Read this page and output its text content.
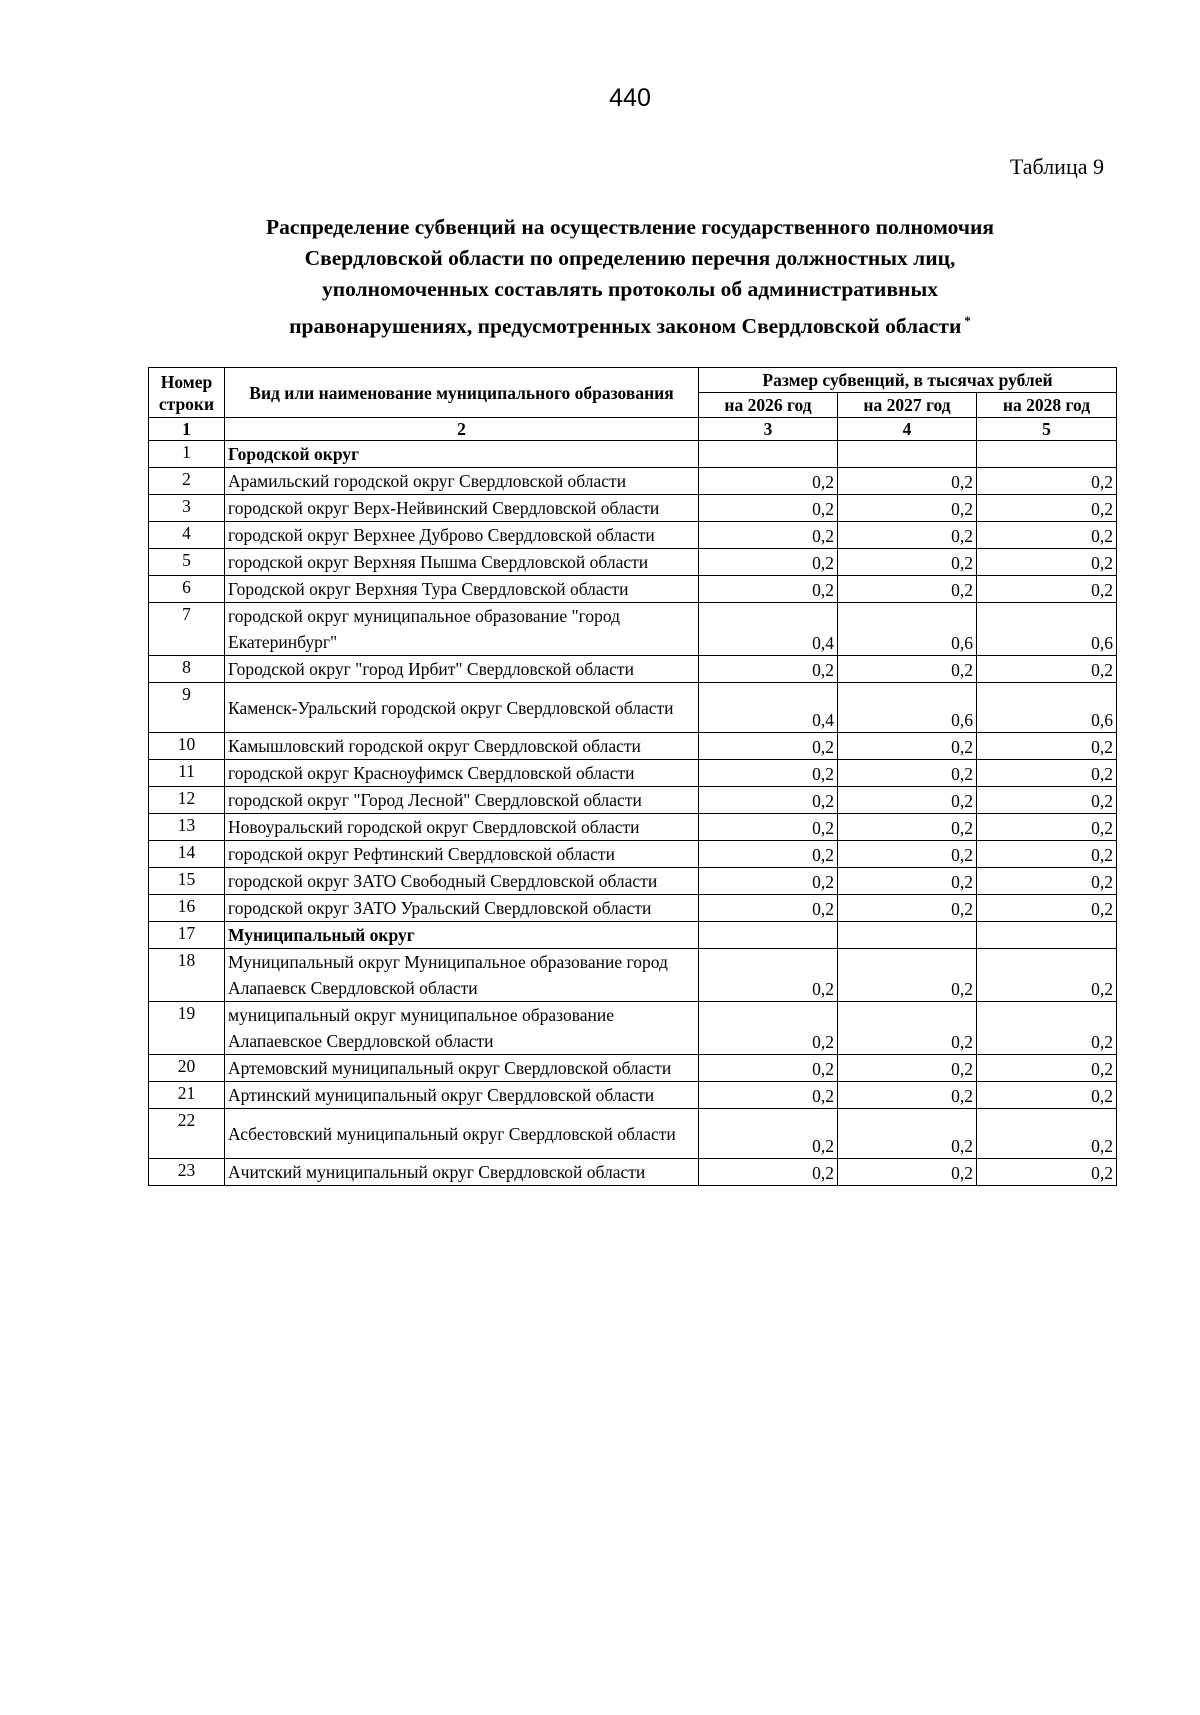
440
Таблица 9
Распределение субвенций на осуществление государственного полномочия
Свердловской области по определению перечня должностных лиц,
уполномоченных составлять протоколы об административных
правонарушениях, предусмотренных законом Свердловской области *
Номер строки	Вид или наименование муниципального образования	Размер субвенций, в тысячах рублей		
		на 2026 год	на 2027 год	на 2028 год
1	2	3	4	5
1	Городской округ			
2	Арамильский городской округ Свердловской области	0,2	0,2	0,2
3	городской округ Верх-Нейвинский Свердловской области	0,2	0,2	0,2
4	городской округ Верхнее Дуброво Свердловской области	0,2	0,2	0,2
5	городской округ Верхняя Пышма Свердловской области	0,2	0,2	0,2
6	Городской округ Верхняя Тура Свердловской области	0,2	0,2	0,2
7	городской округ муниципальное образование "город Екатеринбург"	0,4	0,6	0,6
8	Городской округ "город Ирбит" Свердловской области	0,2	0,2	0,2
9	Каменск-Уральский городской округ Свердловской области	0,4	0,6	0,6
10	Камышловский городской округ Свердловской области	0,2	0,2	0,2
11	городской округ Красноуфимск Свердловской области	0,2	0,2	0,2
12	городской округ "Город Лесной" Свердловской области	0,2	0,2	0,2
13	Новоуральский городской округ Свердловской области	0,2	0,2	0,2
14	городской округ Рефтинский Свердловской области	0,2	0,2	0,2
15	городской округ ЗАТО Свободный Свердловской области	0,2	0,2	0,2
16	городской округ ЗАТО Уральский Свердловской области	0,2	0,2	0,2
17	Муниципальный округ			
18	Муниципальный округ Муниципальное образование город Алапаевск Свердловской области	0,2	0,2	0,2
19	муниципальный округ муниципальное образование Алапаевское Свердловской области	0,2	0,2	0,2
20	Артемовский муниципальный округ Свердловской области	0,2	0,2	0,2
21	Артинский муниципальный округ Свердловской области	0,2	0,2	0,2
22	Асбестовский муниципальный округ Свердловской области	0,2	0,2	0,2
23	Ачитский муниципальный округ Свердловской области	0,2	0,2	0,2
